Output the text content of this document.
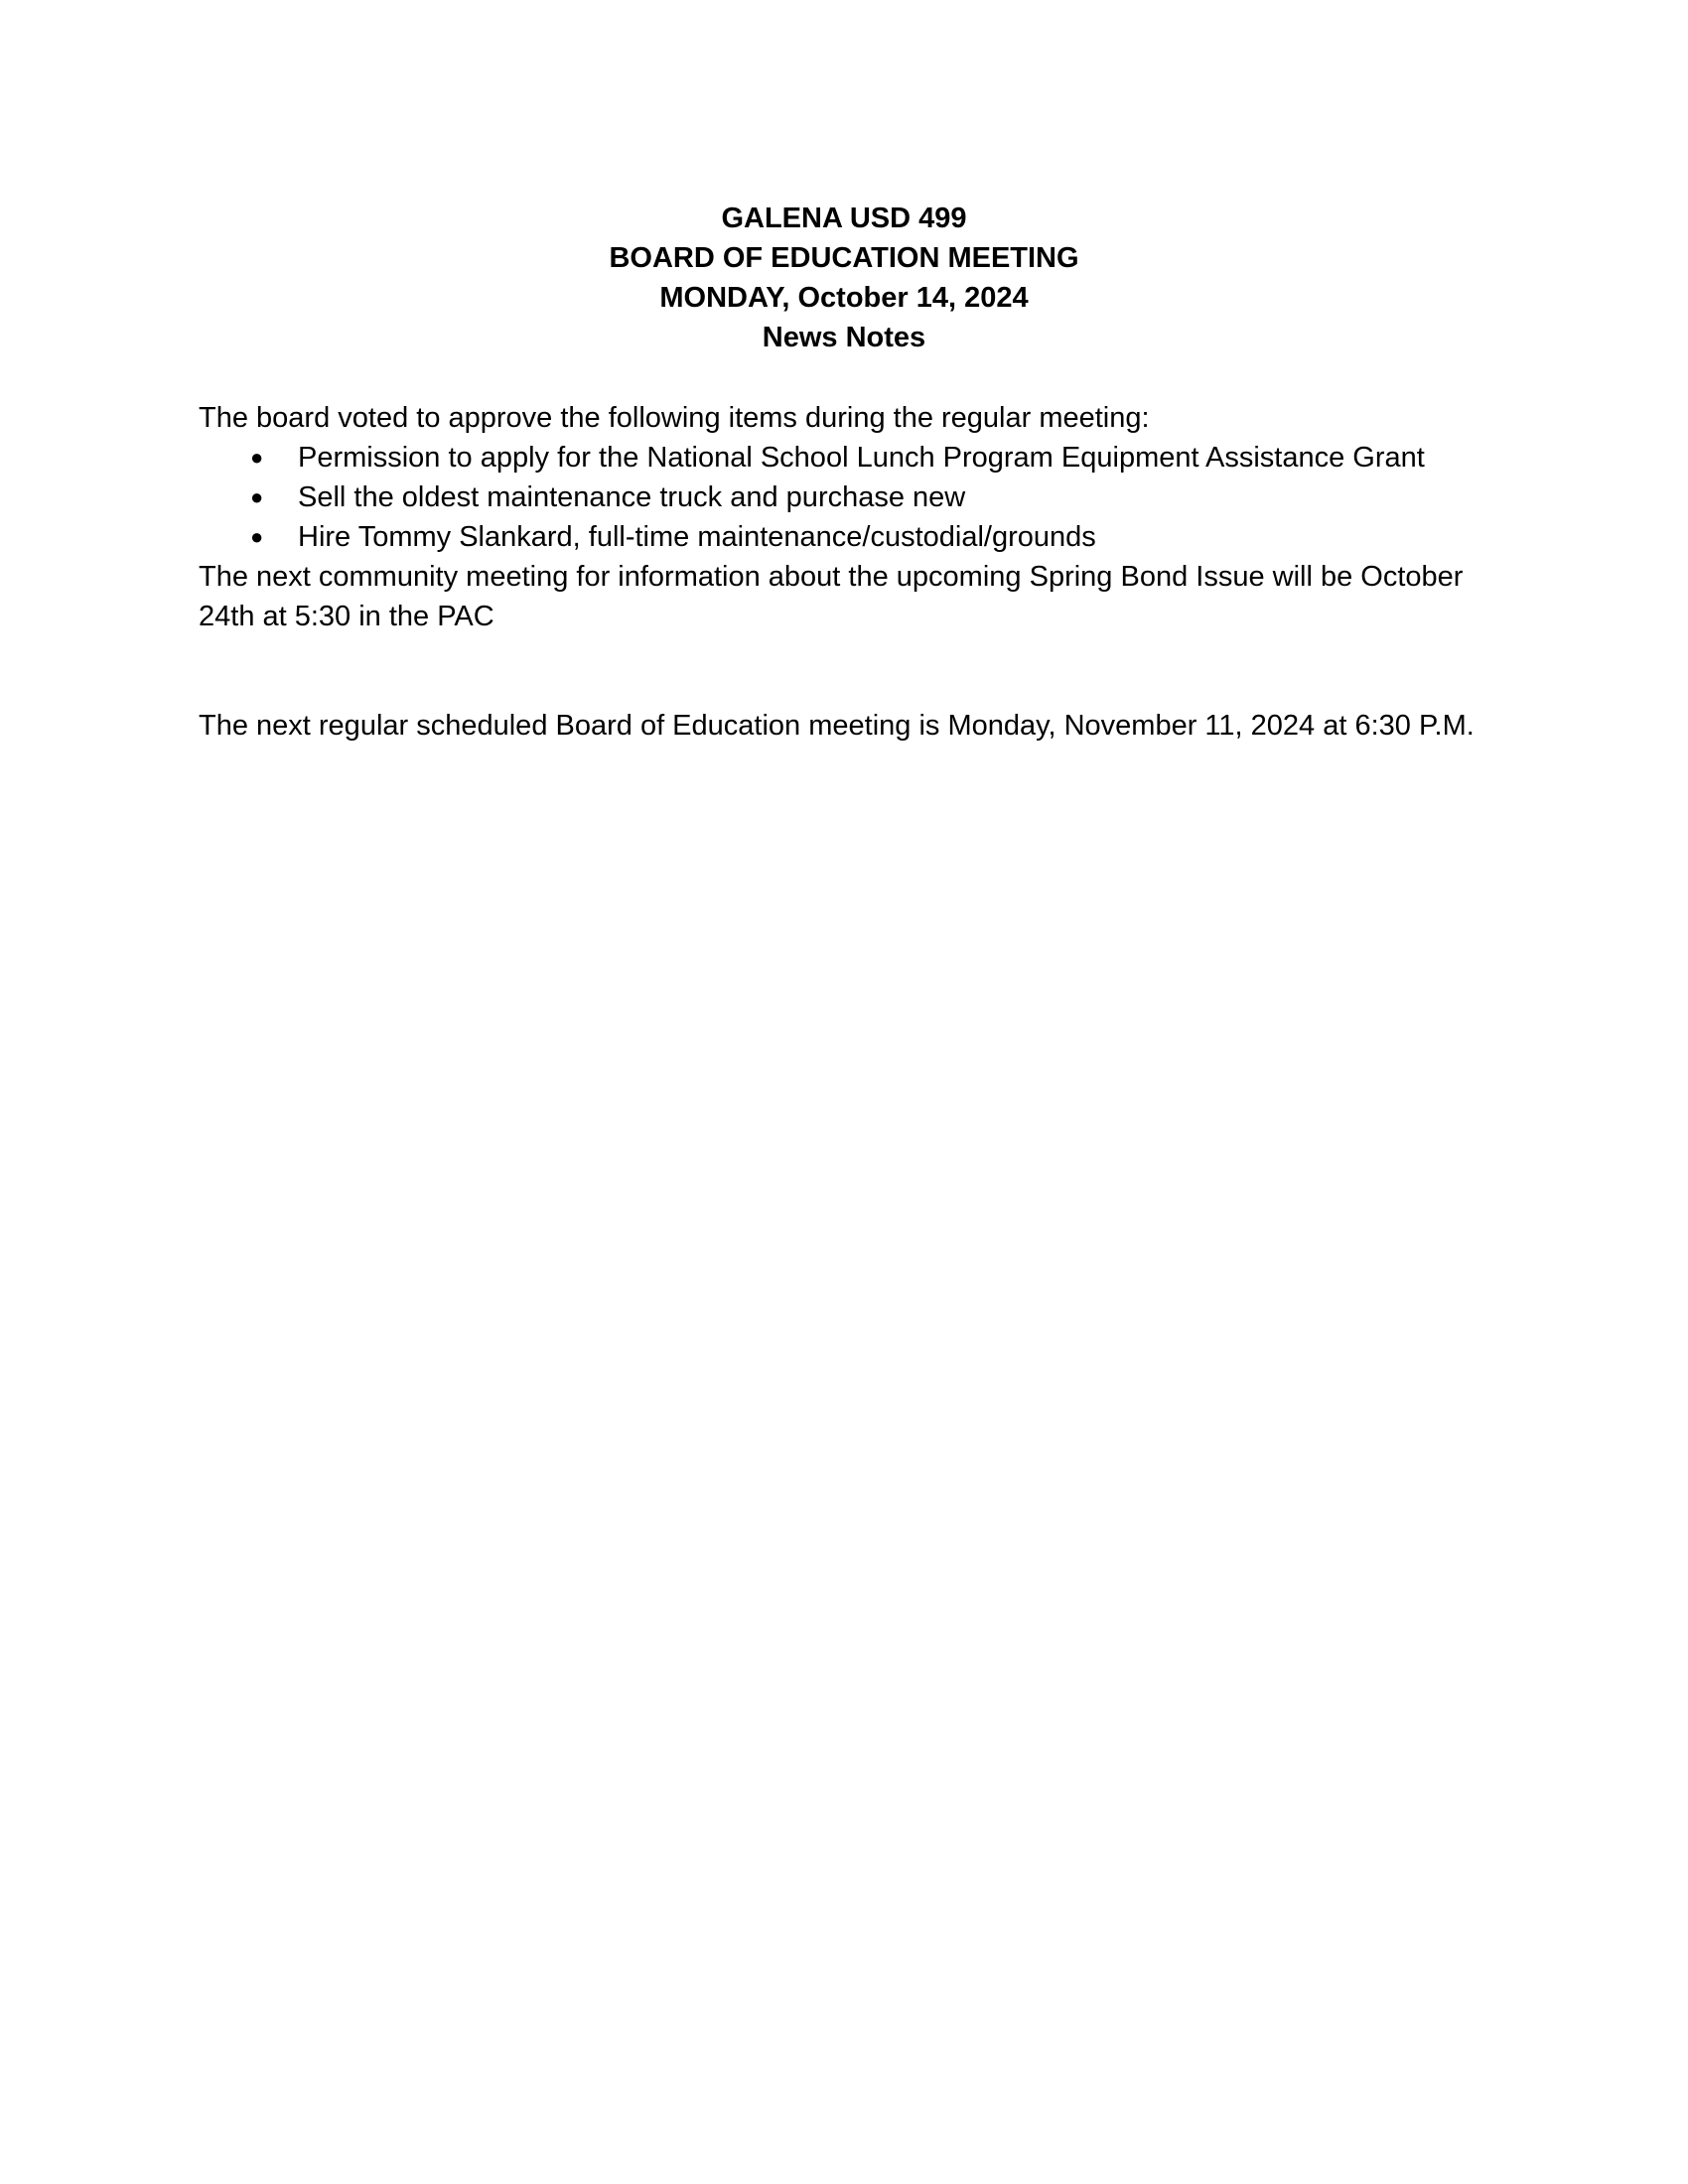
GALENA USD 499
BOARD OF EDUCATION MEETING
MONDAY, October 14, 2024
News Notes
The board voted to approve the following items during the regular meeting:
● Permission to apply for the National School Lunch Program Equipment Assistance Grant
● Sell the oldest maintenance truck and purchase new
● Hire Tommy Slankard, full-time maintenance/custodial/grounds
The next community meeting for information about the upcoming Spring Bond Issue will be October 24th at 5:30 in the PAC
The next regular scheduled Board of Education meeting is Monday, November 11, 2024 at 6:30 P.M.
